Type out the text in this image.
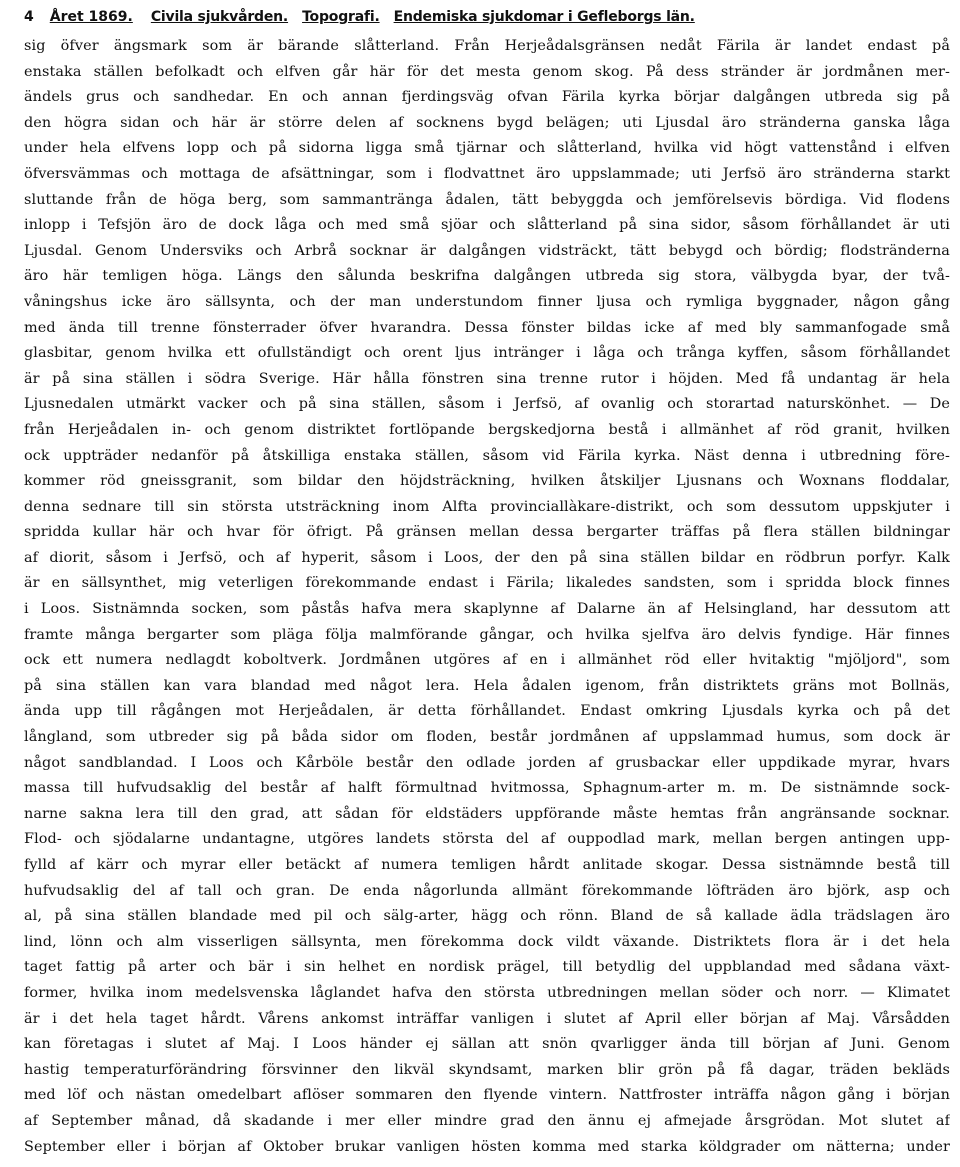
4 Året 1869. Civila sjukvården. Topografi. Endemiska sjukdomar i Gefleborgs län.
sig öfver ängsmark som är bärande slåtterland. Från Herjeådalsgränsen nedåt Färila är landet endast på
enstaka ställen befolkadt och elfven går här för det mesta genom skog. På dess stränder är jordmånen mer-
ändels grus och sandhedar. En och annan fjerdingsväg ofvan Färila kyrka börjar dalgången utbreda sig på
den högra sidan och här är större delen af socknens bygd belägen; uti Ljusdal äro stränderna ganska låga
under hela elfvens lopp och på sidorna ligga små tjärnar och slåtterland, hvilka vid högt vattenstånd i elfven
öfversvämmas och mottaga de afsättningar, som i flodvattnet äro uppslammade; uti Jerfsö äro stränderna starkt
sluttande från de höga berg, som sammantränga ådalen, tätt bebyggda och jemförelsevis bördiga. Vid flodens
inlopp i Tefsjön äro de dock låga och med små sjöar och slåtterland på sina sidor, såsom förhållandet är uti
Ljusdal. Genom Undersviks och Arbrå socknar är dalgången vidsträckt, tätt bebygd och bördig; flodstränderna
äro här temligen höga. Längs den sålunda beskrifna dalgången utbreda sig stora, välbygda byar, der två-
våningshus icke äro sällsynta, och der man understundom finner ljusa och rymliga byggnader, någon gång
med ända till trenne fönsterrader öfver hvarandra. Dessa fönster bildas icke af med bly sammanfogade små
glasbitar, genom hvilka ett ofullständigt och orent ljus intränger i låga och trånga kyffen, såsom förhållandet
är på sina ställen i södra Sverige. Här hålla fönstren sina trenne rutor i höjden. Med få undantag är hela
Ljusnedalen utmärkt vacker och på sina ställen, såsom i Jerfsö, af ovanlig och storartad naturskönhet. — De
från Herjeådalen in- och genom distriktet fortlöpande bergskedjorna bestå i allmänhet af röd granit, hvilken
ock uppträder nedanför på åtskilliga enstaka ställen, såsom vid Färila kyrka. Näst denna i utbredning före-
kommer röd gneissgranit, som bildar den höjdsträckning, hvilken åtskiljer Ljusnans och Woxnans floddalar,
denna sednare till sin största utsträckning inom Alfta provinciallàkare-distrikt, och som dessutom uppskjuter i
spridda kullar här och hvar för öfrigt. På gränsen mellan dessa bergarter träffas på flera ställen bildningar
af diorit, såsom i Jerfsö, och af hyperit, såsom i Loos, der den på sina ställen bildar en rödbrun porfyr. Kalk
är en sällsynthet, mig veterligen förekommande endast i Färila; likaledes sandsten, som i spridda block finnes
i Loos. Sistnämnda socken, som påstås hafva mera skaplynne af Dalarne än af Helsingland, har dessutom att
framte många bergarter som pläga följa malmförande gångar, och hvilka sjelfva äro delvis fyndige. Här finnes
ock ett numera nedlagdt koboltverk. Jordmånen utgöres af en i allmänhet röd eller hvitaktig "mjöljord", som
på sina ställen kan vara blandad med något lera. Hela ådalen igenom, från distriktets gräns mot Bollnäs,
ända upp till rågången mot Herjeådalen, är detta förhållandet. Endast omkring Ljusdals kyrka och på det
långland, som utbreder sig på båda sidor om floden, består jordmånen af uppslammad humus, som dock är
något sandblandad. I Loos och Kårböle består den odlade jorden af grusbackar eller uppdikade myrar, hvars
massa till hufvudsaklig del består af halft förmultnad hvitmossa, Sphagnum-arter m. m. De sistnämnde sock-
narne sakna lera till den grad, att sådan för eldstäders uppförande måste hemtas från angränsande socknar.
Flod- och sjödalarne undantagne, utgöres landets största del af ouppodlad mark, mellan bergen antingen upp-
fylld af kärr och myrar eller betäckt af numera temligen hårdt anlitade skogar. Dessa sistnämnde bestå till
hufvudsaklig del af tall och gran. De enda någorlunda allmänt förekommande löfträden äro björk, asp och
al, på sina ställen blandade med pil och sälg-arter, hägg och rönn. Bland de så kallade ädla trädslagen äro
lind, lönn och alm visserligen sällsynta, men förekomma dock vildt växande. Distriktets flora är i det hela
taget fattig på arter och bär i sin helhet en nordisk prägel, till betydlig del uppblandad med sådana växt-
former, hvilka inom medelsvenska låglandet hafva den största utbredningen mellan söder och norr. — Klimatet
är i det hela taget hårdt. Vårens ankomst inträffar vanligen i slutet af April eller början af Maj. Vårsådden
kan företagas i slutet af Maj. I Loos händer ej sällan att snön qvarligger ända till början af Juni. Genom
hastig temperaturförändring försvinner den likväl skyndsamt, marken blir grön på få dagar, träden bekläds
med löf och nästan omedelbart aflöser sommaren den flyende vintern. Nattfroster inträffa någon gång i början
af September månad, då skadande i mer eller mindre grad den ännu ej afmejade årsgrödan. Mot slutet af
September eller i början af Oktober brukar vanligen hösten komma med starka köldgrader om nätterna; under
